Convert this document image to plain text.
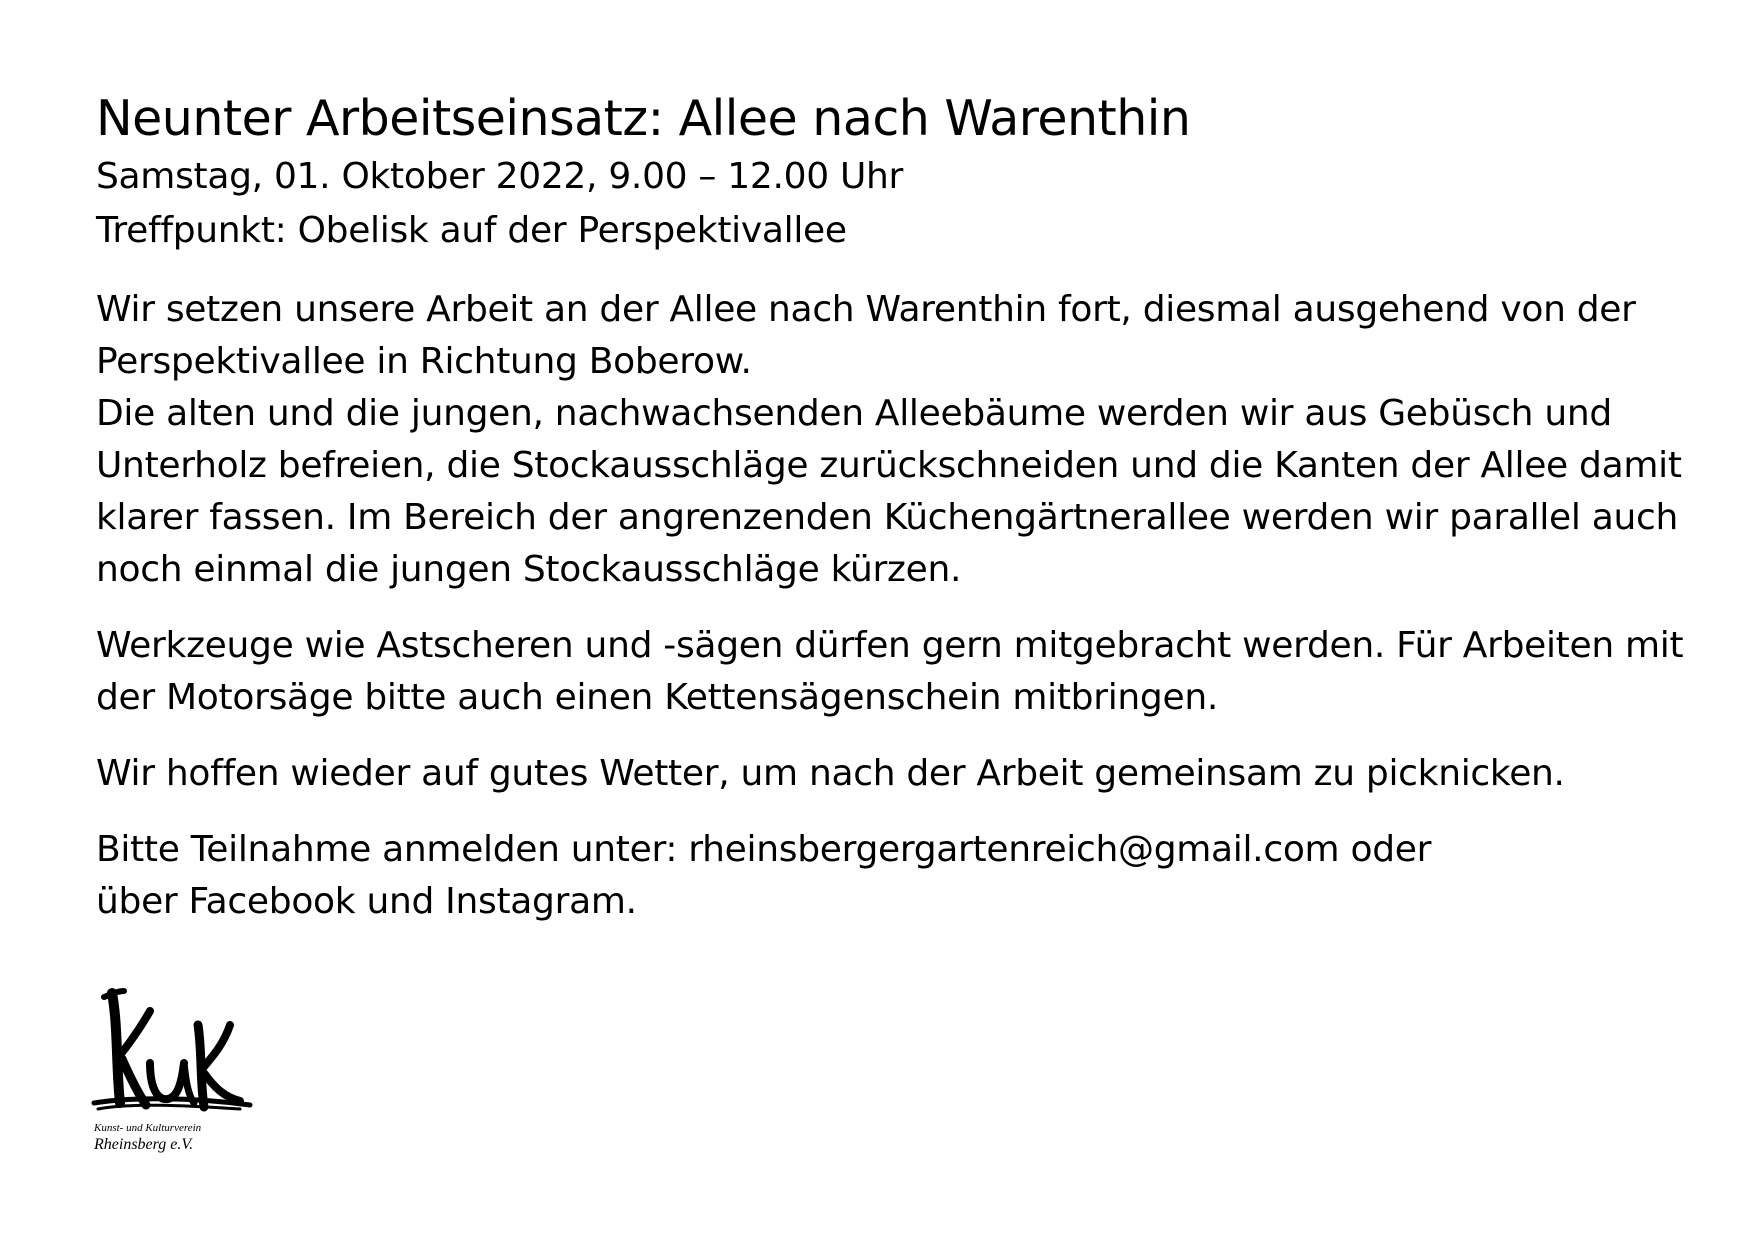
Neunter Arbeitseinsatz: Allee nach Warenthin

Samstag, 01. Oktober 2022, 9.00 – 12.00 Uhr

Treffpunkt: Obelisk auf der Perspektivallee

Wir setzen unsere Arbeit an der Allee nach Warenthin fort, diesmal ausgehend von der

Perspektivallee in Richtung Boberow.

Die alten und die jungen, nachwachsenden Alleebäume werden wir aus Gebüsch und

Unterholz befreien, die Stockausschläge zurückschneiden und die Kanten der Allee damit

klarer fassen. Im Bereich der angrenzenden Küchengärtnerallee werden wir parallel auch

noch einmal die jungen Stockausschläge kürzen.

Werkzeuge wie Astscheren und -sägen dürfen gern mitgebracht werden. Für Arbeiten mit

der Motorsäge bitte auch einen Kettensägenschein mitbringen.

Wir hoffen wieder auf gutes Wetter, um nach der Arbeit gemeinsam zu picknicken.

Bitte Teilnahme anmelden unter: rheinsbergergartenreich@gmail.com oder

über Facebook und Instagram.

Kunst- und Kulturverein
Rheinsberg e.V.
